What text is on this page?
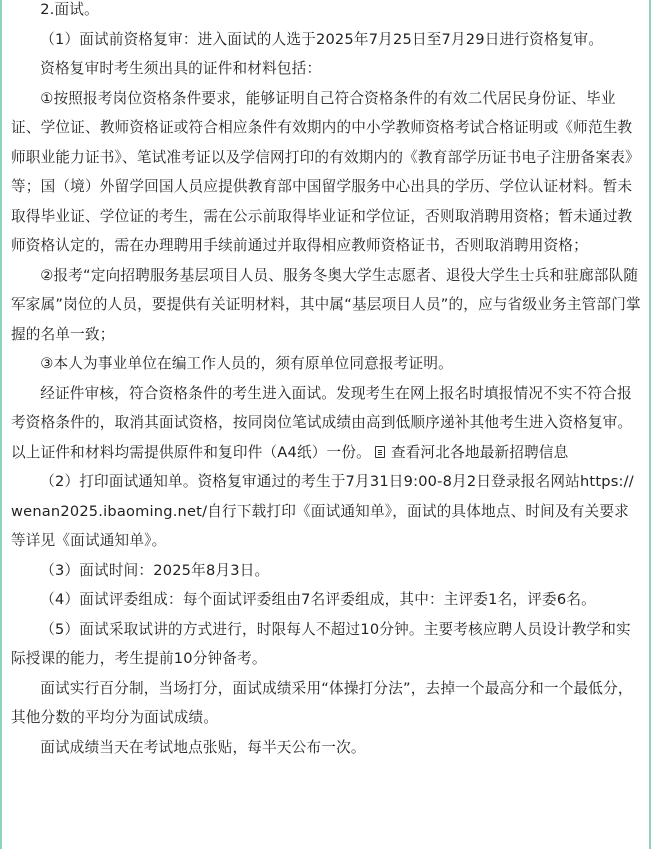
2.面试。

（1）面试前资格复审：进入面试的人选于2025年7月25日至7月29日进行资格复审。

资格复审时考生须出具的证件和材料包括：

①按照报考岗位资格条件要求，能够证明自己符合资格条件的有效二代居民身份证、毕业证、学位证、教师资格证或符合相应条件有效期内的中小学教师资格考试合格证明或《师范生教师职业能力证书》、笔试准考证以及学信网打印的有效期内的《教育部学历证书电子注册备案表》等；国（境）外留学回国人员应提供教育部中国留学服务中心出具的学历、学位认证材料。暂未取得毕业证、学位证的考生，需在公示前取得毕业证和学位证，否则取消聘用资格；暂未通过教师资格认定的，需在办理聘用手续前通过并取得相应教师资格证书，否则取消聘用资格；

②报考“定向招聘服务基层项目人员、服务冬奥大学生志愿者、退役大学生士兵和驻廊部队随军家属”岗位的人员，要提供有关证明材料，其中属“基层项目人员”的，应与省级业务主管部门掌握的名单一致；

③本人为事业单位在编工作人员的，须有原单位同意报考证明。

经证件审核，符合资格条件的考生进入面试。发现考生在网上报名时填报情况不实不符合报考资格条件的，取消其面试资格，按同岗位笔试成绩由高到低顺序递补其他考生进入资格复审。以上证件和材料均需提供原件和复印件（A4纸）一份。 查看河北各地最新招聘信息

（2）打印面试通知单。资格复审通过的考生于7月31日9:00-8月2日登录报名网站https://wenan2025.ibaoming.net/自行下载打印《面试通知单》，面试的具体地点、时间及有关要求等详见《面试通知单》。

（3）面试时间：2025年8月3日。

（4）面试评委组成：每个面试评委组由7名评委组成，其中：主评委1名，评委6名。

（5）面试采取试讲的方式进行，时限每人不超过10分钟。主要考核应聘人员设计教学和实际授课的能力，考生提前10分钟备考。

面试实行百分制，当场打分，面试成绩采用“体操打分法”，去掉一个最高分和一个最低分，其他分数的平均分为面试成绩。

面试成绩当天在考试地点张贴，每半天公布一次。
